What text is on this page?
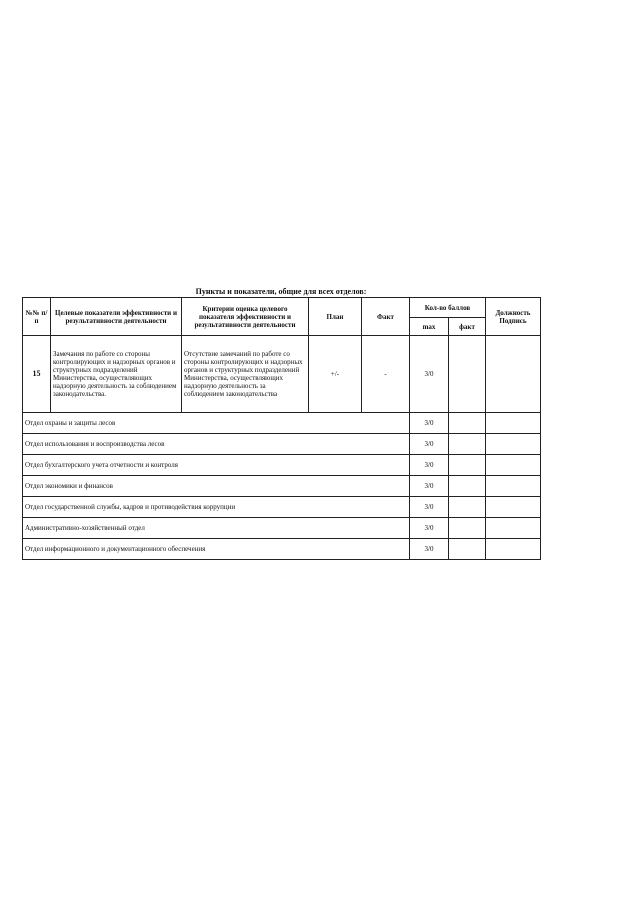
Пункты и показатели, общие для всех отделов:
№№ п/п	Целевые показатели эффективности и результативности деятельности	Критерии оценка целевого показателя эффективности и результативности деятельности	План	Факт	Кол-во баллов		Должность Подпись
					max	факт	
15	Замечания по работе со стороны контролирующих и надзорных органов и структурных подразделений Министерства, осуществляющих надзорную деятельность за соблюдением законодательства.	Отсутствие замечаний по работе со стороны контролирующих и надзорных органов и структурных подразделений Министерства, осуществляющих надзорную деятельность за соблюдением законодательства	+/-	-	3/0		
Отдел охраны и защиты лесов					3/0		
Отдел использования и воспроизводства лесов					3/0		
Отдел бухгалтерского учета отчетности и контроля					3/0		
Отдел экономики и финансов					3/0		
Отдел государственной службы, кадров и противодействия коррупции					3/0		
Административно-хозяйственный отдел					3/0		
Отдел информационного и документационного обеспечения					3/0		
